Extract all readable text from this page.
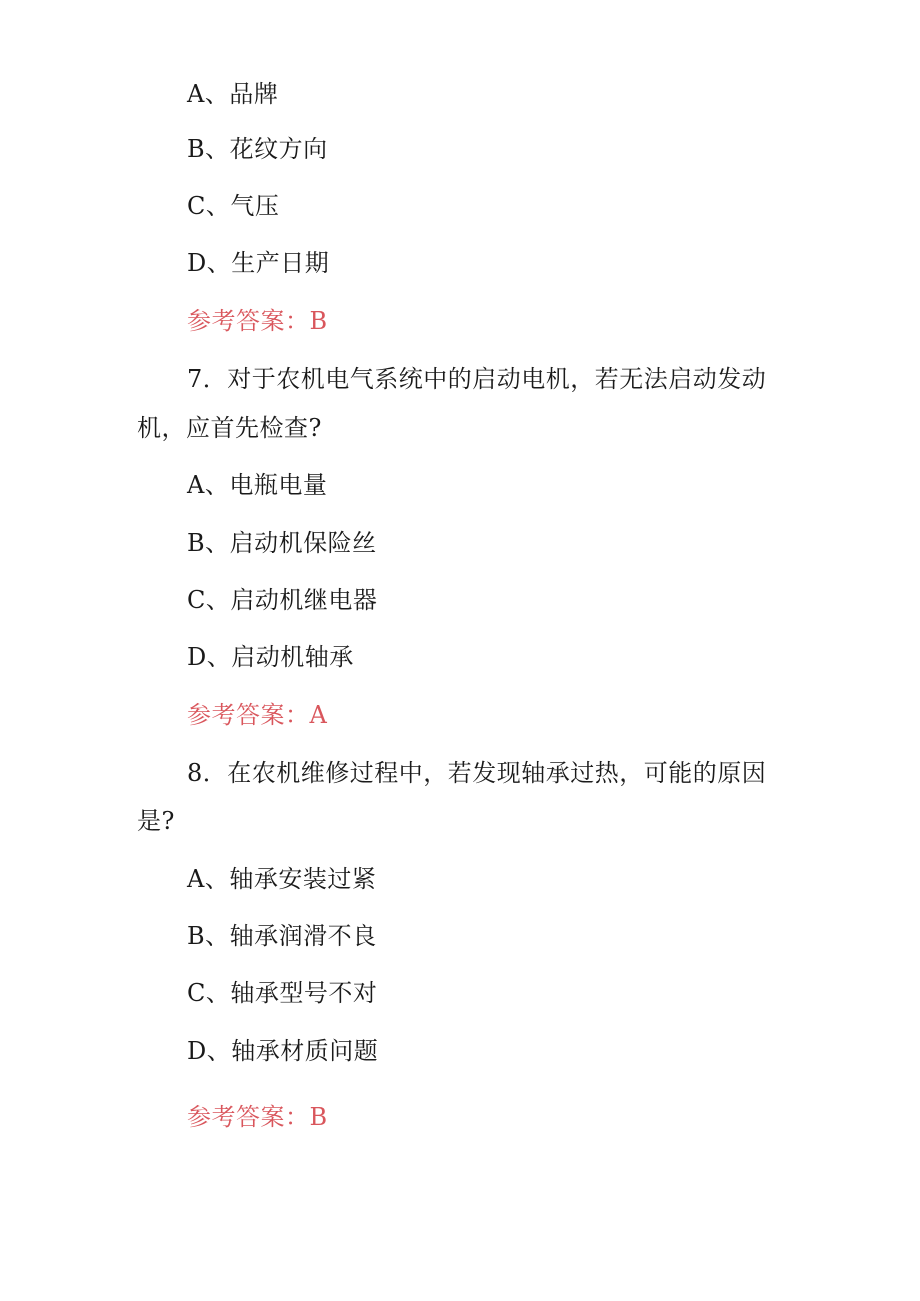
A、品牌
B、花纹方向
C、气压
D、生产日期
参考答案：B
7．对于农机电气系统中的启动电机，若无法启动发动
机，应首先检查?
A、电瓶电量
B、启动机保险丝
C、启动机继电器
D、启动机轴承
参考答案：A
8．在农机维修过程中，若发现轴承过热，可能的原因
是?
A、轴承安装过紧
B、轴承润滑不良
C、轴承型号不对
D、轴承材质问题
参考答案：B
